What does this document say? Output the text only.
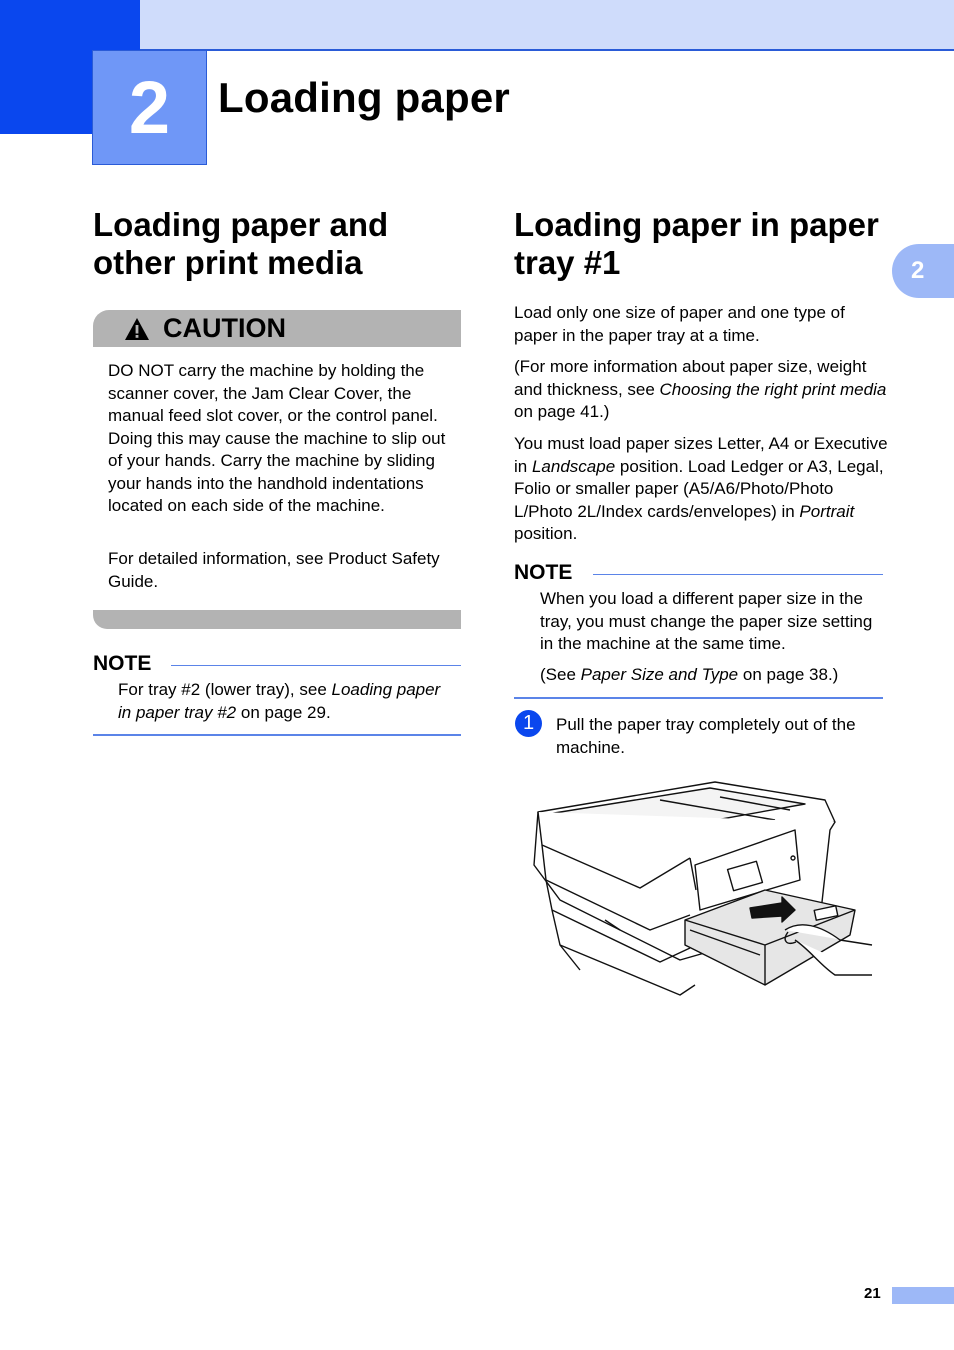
2 Loading paper
2
Loading paper and
other print media
CAUTION
DO NOT carry the machine by holding the scanner cover, the Jam Clear Cover, the manual feed slot cover, or the control panel. Doing this may cause the machine to slip out of your hands. Carry the machine by sliding your hands into the handhold indentations located on each side of the machine.
For detailed information, see Product Safety Guide.
NOTE
For tray #2 (lower tray), see Loading paper in paper tray #2 on page 29.
Loading paper in paper
tray #1
Load only one size of paper and one type of paper in the paper tray at a time.
(For more information about paper size, weight and thickness, see Choosing the right print media on page 41.)
You must load paper sizes Letter, A4 or Executive in Landscape position. Load Ledger or A3, Legal, Folio or smaller paper (A5/A6/Photo/Photo L/Photo 2L/Index cards/envelopes) in Portrait position.
NOTE
When you load a different paper size in the tray, you must change the paper size setting in the machine at the same time.
(See Paper Size and Type on page 38.)
1	Pull the paper tray completely out of the machine.
21
